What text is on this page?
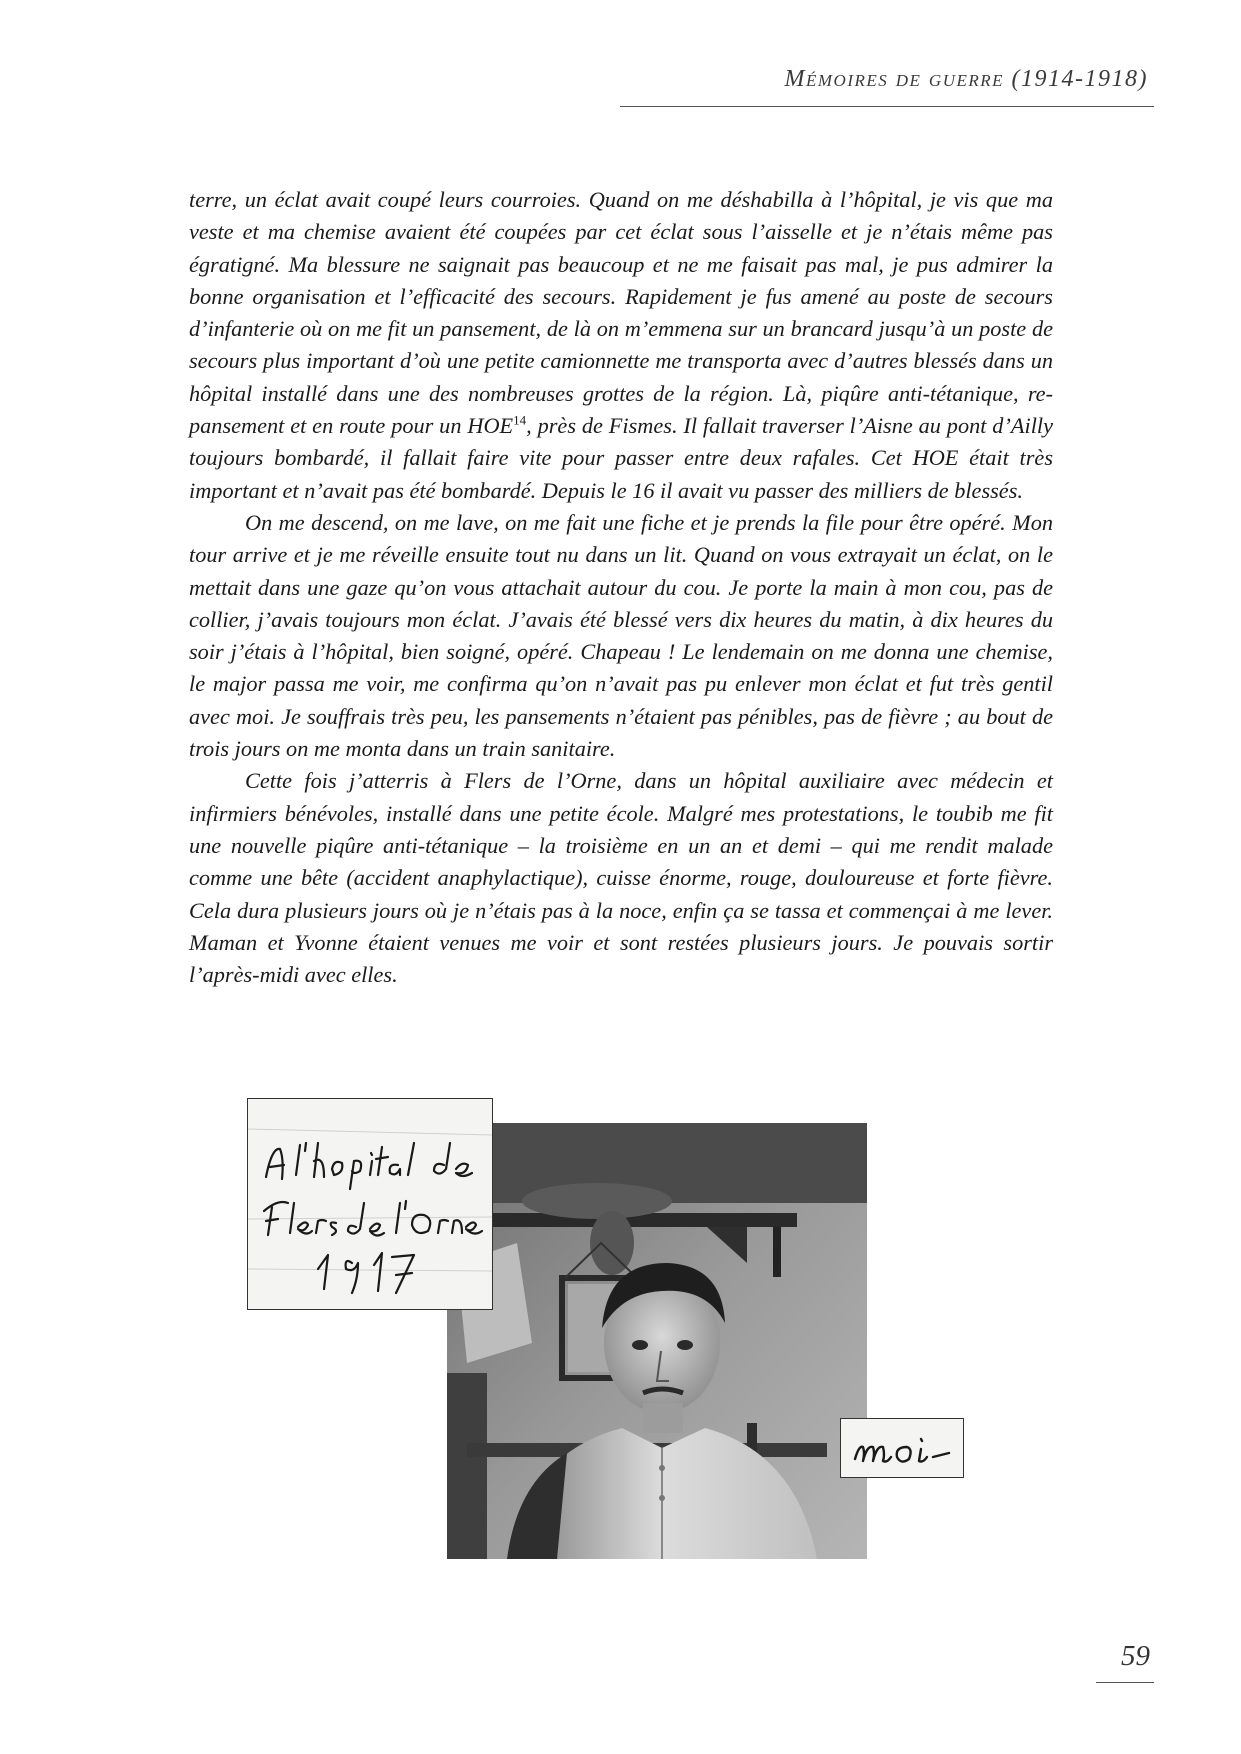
Mémoires de guerre (1914-1918)

terre, un éclat avait coupé leurs courroies. Quand on me déshabilla à l’hôpital, je vis que ma veste et ma chemise avaient été coupées par cet éclat sous l’aisselle et je n’étais même pas égratigné. Ma blessure ne saignait pas beaucoup et ne me faisait pas mal, je pus admirer la bonne organisation et l’efficacité des secours. Rapidement je fus amené au poste de secours d’infanterie où on me fit un pansement, de là on m’emmena sur un brancard jusqu’à un poste de secours plus important d’où une petite camionnette me transporta avec d’autres blessés dans un hôpital installé dans une des nombreuses grottes de la région. Là, piqûre anti-tétanique, re-pansement et en route pour un HOE$^{14}$, près de Fismes. Il fallait traverser l’Aisne au pont d’Ailly toujours bombardé, il fallait faire vite pour passer entre deux rafales. Cet HOE était très important et n’avait pas été bombardé. Depuis le 16 il avait vu passer des milliers de blessés.

On me descend, on me lave, on me fait une fiche et je prends la file pour être opéré. Mon tour arrive et je me réveille ensuite tout nu dans un lit. Quand on vous extrayait un éclat, on le mettait dans une gaze qu’on vous attachait autour du cou. Je porte la main à mon cou, pas de collier, j’avais toujours mon éclat. J’avais été blessé vers dix heures du matin, à dix heures du soir j’étais à l’hôpital, bien soigné, opéré. Chapeau ! Le lendemain on me donna une chemise, le major passa me voir, me confirma qu’on n’avait pas pu enlever mon éclat et fut très gentil avec moi. Je souffrais très peu, les pansements n’étaient pas pénibles, pas de fièvre ; au bout de trois jours on me monta dans un train sanitaire.

Cette fois j’atterris à Flers de l’Orne, dans un hôpital auxiliaire avec médecin et infirmiers bénévoles, installé dans une petite école. Malgré mes protestations, le toubib me fit une nouvelle piqûre anti-tétanique – la troisième en un an et demi – qui me rendit malade comme une bête (accident anaphylactique), cuisse énorme, rouge, douloureuse et forte fièvre. Cela dura plusieurs jours où je n’étais pas à la noce, enfin ça se tassa et commençai à me lever. Maman et Yvonne étaient venues me voir et sont restées plusieurs jours. Je pouvais sortir l’après-midi avec elles.

59
